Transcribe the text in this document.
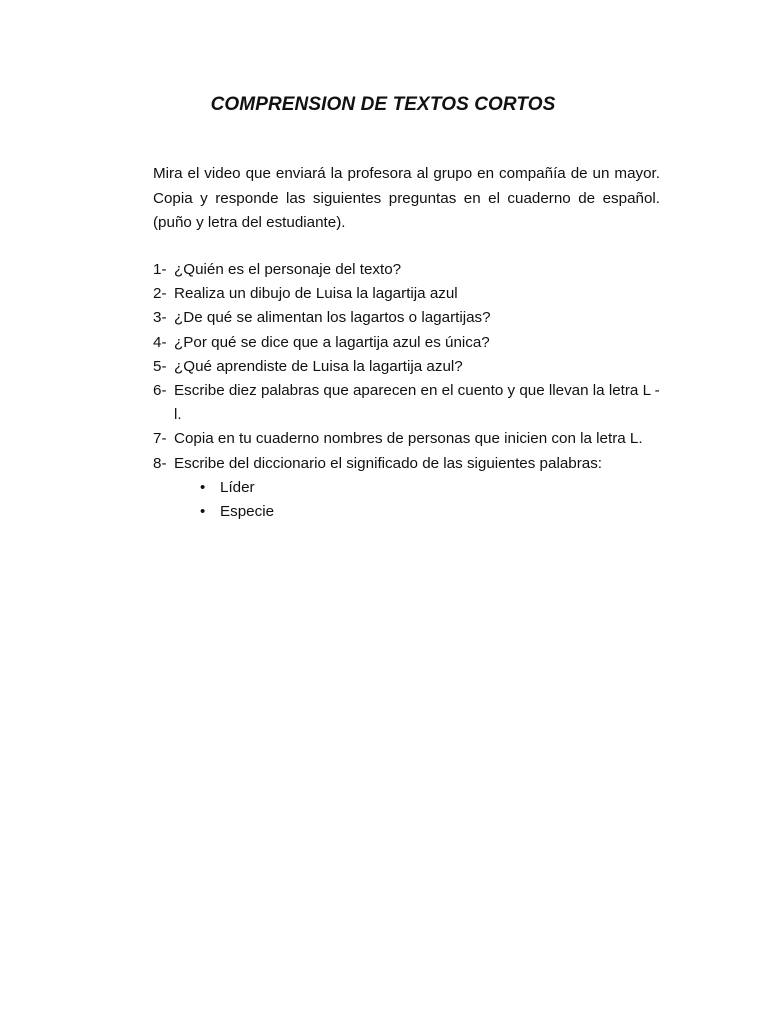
COMPRENSION DE TEXTOS CORTOS

Mira el video que enviará la profesora al grupo en compañía de un mayor. Copia y responde las siguientes preguntas en el cuaderno de español. (puño y letra del estudiante).

1- ¿Quién es el personaje del texto?
2- Realiza un dibujo de Luisa la lagartija azul
3- ¿De qué se alimentan los lagartos o lagartijas?
4- ¿Por qué se dice que a lagartija azul es única?
5- ¿Qué aprendiste de Luisa la lagartija azul?
6- Escribe diez palabras que aparecen en el cuento y que llevan la letra L -l.
7- Copia en tu cuaderno nombres de personas que inicien con la letra L.
8- Escribe del diccionario el significado de las siguientes palabras:
• Líder
• Especie
